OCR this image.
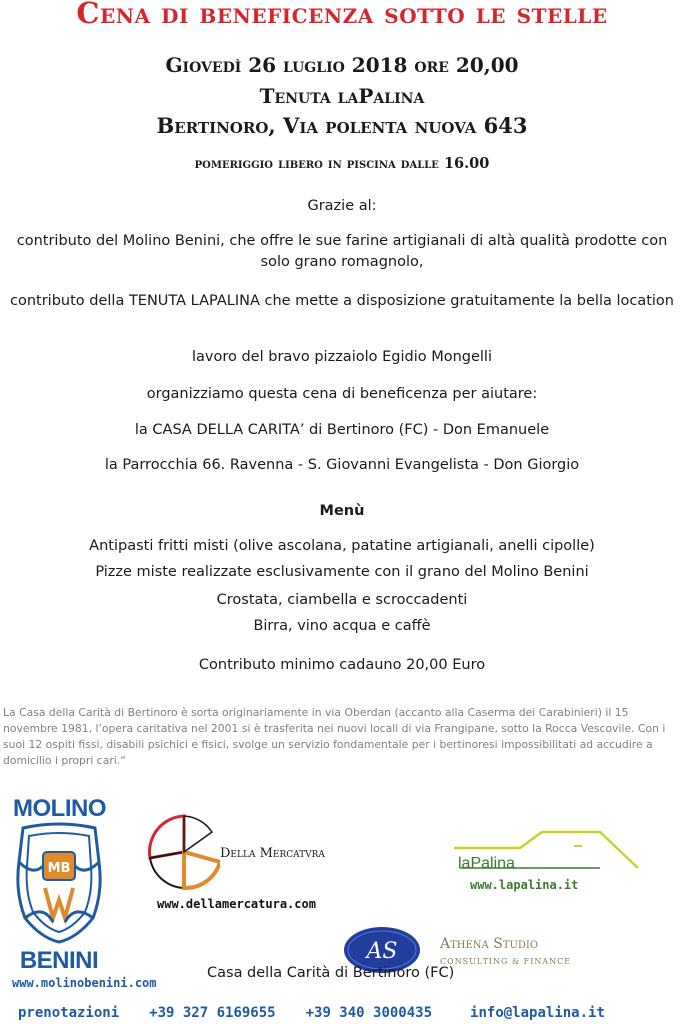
Cena di beneficenza sotto le stelle
Giovedì 26 luglio 2018 ore 20,00
Tenuta laPalina
Bertinoro, Via polenta nuova 643
pomeriggio libero in piscina dalle 16.00
Grazie al:
contributo del Molino Benini, che offre le sue farine artigianali di altà qualità prodotte con solo grano romagnolo,
contributo della TENUTA LAPALINA che mette a disposizione gratuitamente la bella location
lavoro del bravo pizzaiolo Egidio Mongelli
organizziamo questa cena di beneficenza per aiutare:
la CASA DELLA CARITA’ di Bertinoro (FC) - Don Emanuele
la Parrocchia 66. Ravenna - S. Giovanni Evangelista - Don Giorgio
Menù
Antipasti fritti misti (olive ascolana, patatine artigianali, anelli cipolle)
Pizze miste realizzate esclusivamente con il grano del Molino Benini
Crostata, ciambella e scroccadenti
Birra, vino acqua e caffè
Contributo minimo cadauno 20,00 Euro
La Casa della Carità di Bertinoro è sorta originariamente in via Oberdan (accanto alla Caserma dei Carabinieri) il 15 novembre 1981, l’opera caritativa nel 2001 si è trasferita nei nuovi locali di via Frangipane, sotto la Rocca Vescovile. Con i suoi 12 ospiti fissi, disabili psichici e fisici, svolge un servizio fondamentale per i bertinoresi impossibilitati ad accudire a domicilio i propri cari.“
MOLINO
MB
BENINI
www.molinobenini.com
Della Mercatvra
www.dellamercatura.com
laPalina
www.lapalina.it
AS	Athena Studio
CONSULTING & FINANCE
Casa della Carità di Bertinoro (FC)
prenotazioni +39 327 6169655 +39 340 3000435	info@lapalina.it
